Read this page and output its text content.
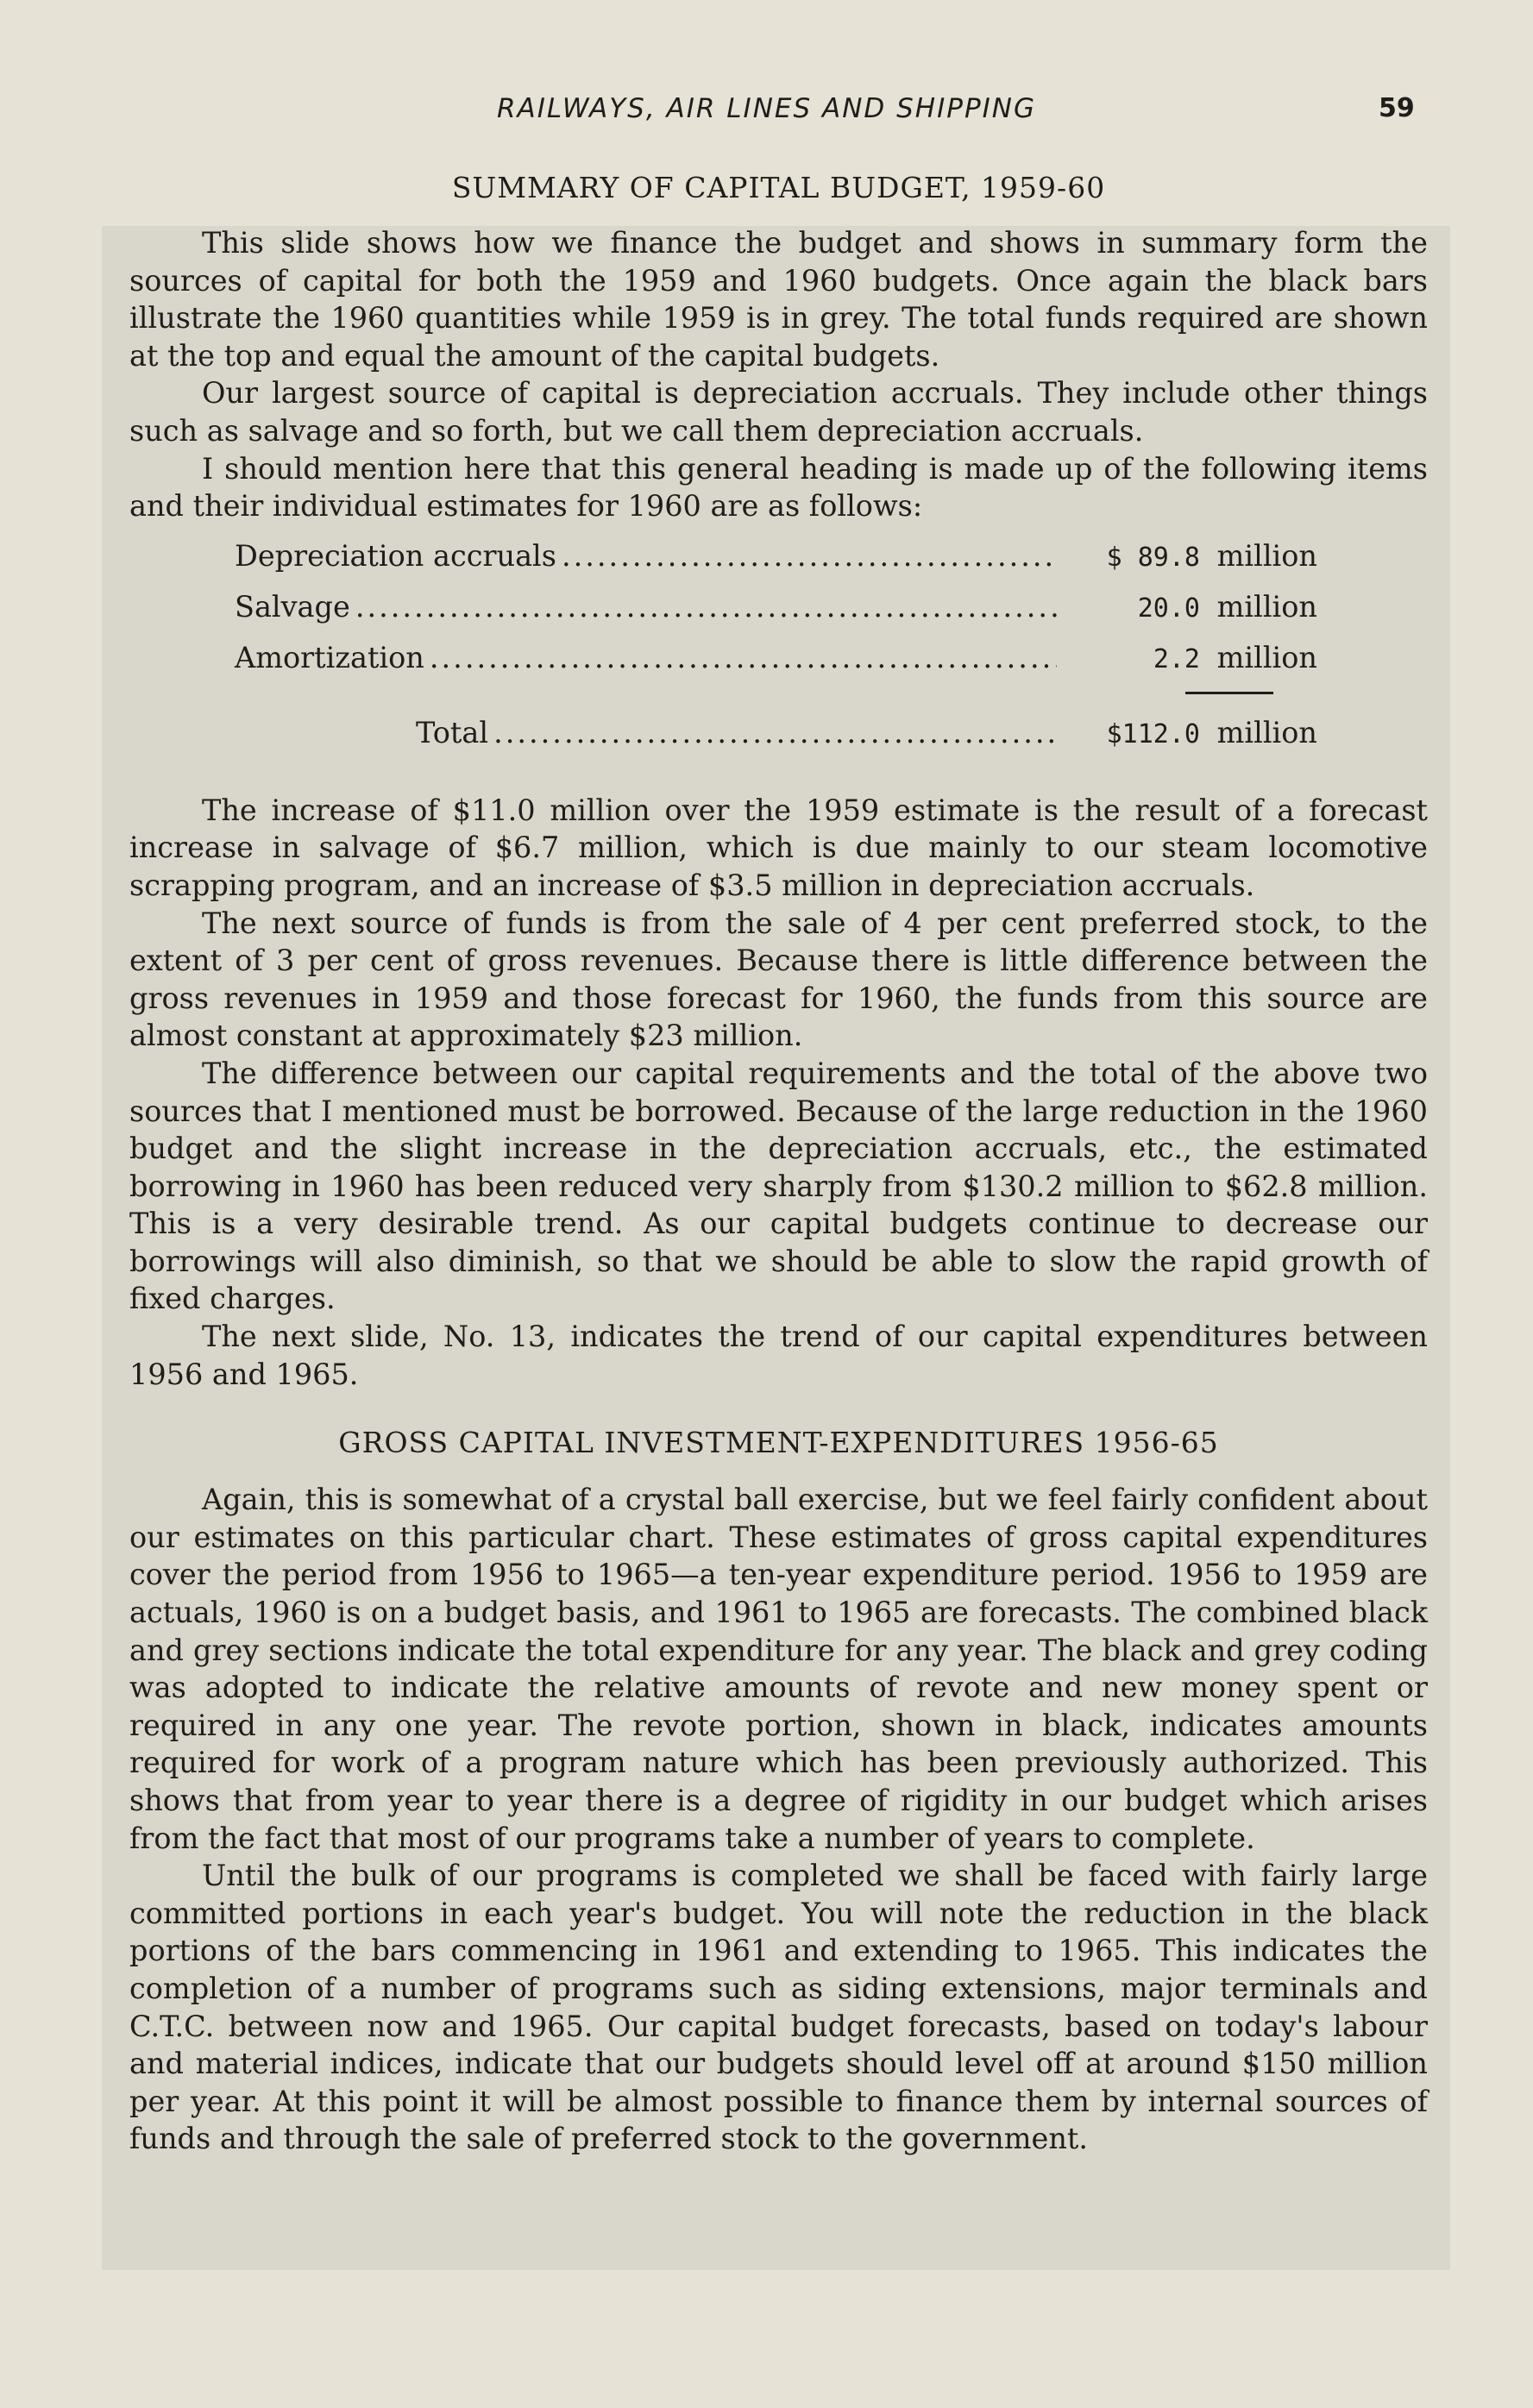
RAILWAYS, AIR LINES AND SHIPPING	59
SUMMARY OF CAPITAL BUDGET, 1959-60

This slide shows how we finance the budget and shows in summary form the sources of capital for both the 1959 and 1960 budgets. Once again the black bars illustrate the 1960 quantities while 1959 is in grey. The total funds required are shown at the top and equal the amount of the capital budgets.

Our largest source of capital is depreciation accruals. They include other things such as salvage and so forth, but we call them depreciation accruals.

I should mention here that this general heading is made up of the following items and their individual estimates for 1960 are as follows:

Depreciation accruals .....	$ 89.8 million
Salvage .....	20.0 million
Amortization .....	2.2 million
Total .....	$112.0 million

The increase of $11.0 million over the 1959 estimate is the result of a forecast increase in salvage of $6.7 million, which is due mainly to our steam locomotive scrapping program, and an increase of $3.5 million in depreciation accruals.

The next source of funds is from the sale of 4 per cent preferred stock, to the extent of 3 per cent of gross revenues. Because there is little difference between the gross revenues in 1959 and those forecast for 1960, the funds from this source are almost constant at approximately $23 million.

The difference between our capital requirements and the total of the above two sources that I mentioned must be borrowed. Because of the large reduction in the 1960 budget and the slight increase in the depreciation accruals, etc., the estimated borrowing in 1960 has been reduced very sharply from $130.2 million to $62.8 million. This is a very desirable trend. As our capital budgets continue to decrease our borrowings will also diminish, so that we should be able to slow the rapid growth of fixed charges.

The next slide, No. 13, indicates the trend of our capital expenditures between 1956 and 1965.

GROSS CAPITAL INVESTMENT-EXPENDITURES 1956-65

Again, this is somewhat of a crystal ball exercise, but we feel fairly confident about our estimates on this particular chart. These estimates of gross capital expenditures cover the period from 1956 to 1965—a ten-year expenditure period. 1956 to 1959 are actuals, 1960 is on a budget basis, and 1961 to 1965 are forecasts. The combined black and grey sections indicate the total expenditure for any year. The black and grey coding was adopted to indicate the relative amounts of revote and new money spent or required in any one year. The revote portion, shown in black, indicates amounts required for work of a program nature which has been previously authorized. This shows that from year to year there is a degree of rigidity in our budget which arises from the fact that most of our programs take a number of years to complete.

Until the bulk of our programs is completed we shall be faced with fairly large committed portions in each year's budget. You will note the reduction in the black portions of the bars commencing in 1961 and extending to 1965. This indicates the completion of a number of programs such as siding extensions, major terminals and C.T.C. between now and 1965. Our capital budget forecasts, based on today's labour and material indices, indicate that our budgets should level off at around $150 million per year. At this point it will be almost possible to finance them by internal sources of funds and through the sale of preferred stock to the government.
